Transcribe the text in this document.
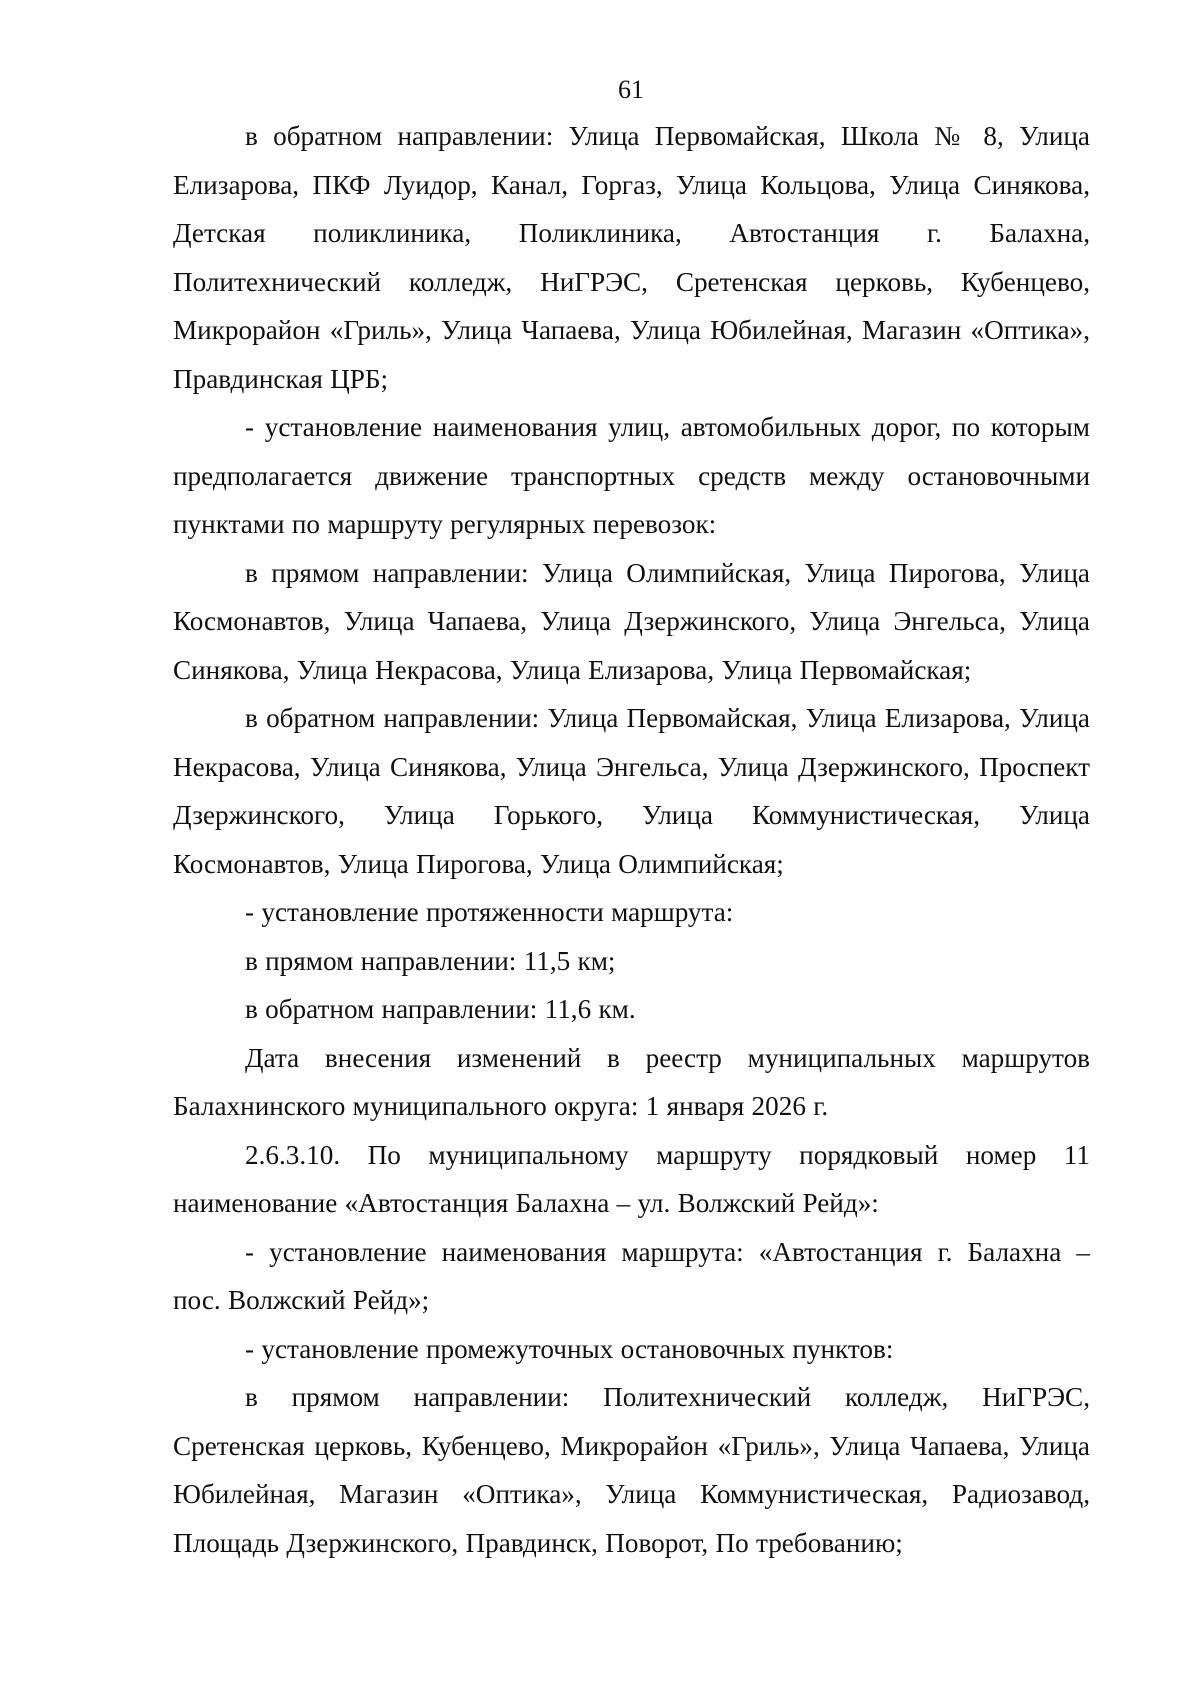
61

в обратном направлении: Улица Первомайская, Школа № 8, Улица Елизарова, ПКФ Луидор, Канал, Горгаз, Улица Кольцова, Улица Синякова, Детская поликлиника, Поликлиника, Автостанция г. Балахна, Политехнический колледж, НиГРЭС, Сретенская церковь, Кубенцево, Микрорайон «Гриль», Улица Чапаева, Улица Юбилейная, Магазин «Оптика», Правдинская ЦРБ;

- установление наименования улиц, автомобильных дорог, по которым предполагается движение транспортных средств между остановочными пунктами по маршруту регулярных перевозок:

в прямом направлении: Улица Олимпийская, Улица Пирогова, Улица Космонавтов, Улица Чапаева, Улица Дзержинского, Улица Энгельса, Улица Синякова, Улица Некрасова, Улица Елизарова, Улица Первомайская;

в обратном направлении: Улица Первомайская, Улица Елизарова, Улица Некрасова, Улица Синякова, Улица Энгельса, Улица Дзержинского, Проспект Дзержинского, Улица Горького, Улица Коммунистическая, Улица Космонавтов, Улица Пирогова, Улица Олимпийская;

- установление протяженности маршрута:

в прямом направлении: 11,5 км;

в обратном направлении: 11,6 км.

Дата внесения изменений в реестр муниципальных маршрутов Балахнинского муниципального округа: 1 января 2026 г.

2.6.3.10. По муниципальному маршруту порядковый номер 11 наименование «Автостанция Балахна – ул. Волжский Рейд»:

- установление наименования маршрута: «Автостанция г. Балахна – пос. Волжский Рейд»;

- установление промежуточных остановочных пунктов:

в прямом направлении: Политехнический колледж, НиГРЭС, Сретенская церковь, Кубенцево, Микрорайон «Гриль», Улица Чапаева, Улица Юбилейная, Магазин «Оптика», Улица Коммунистическая, Радиозавод, Площадь Дзержинского, Правдинск, Поворот, По требованию;
